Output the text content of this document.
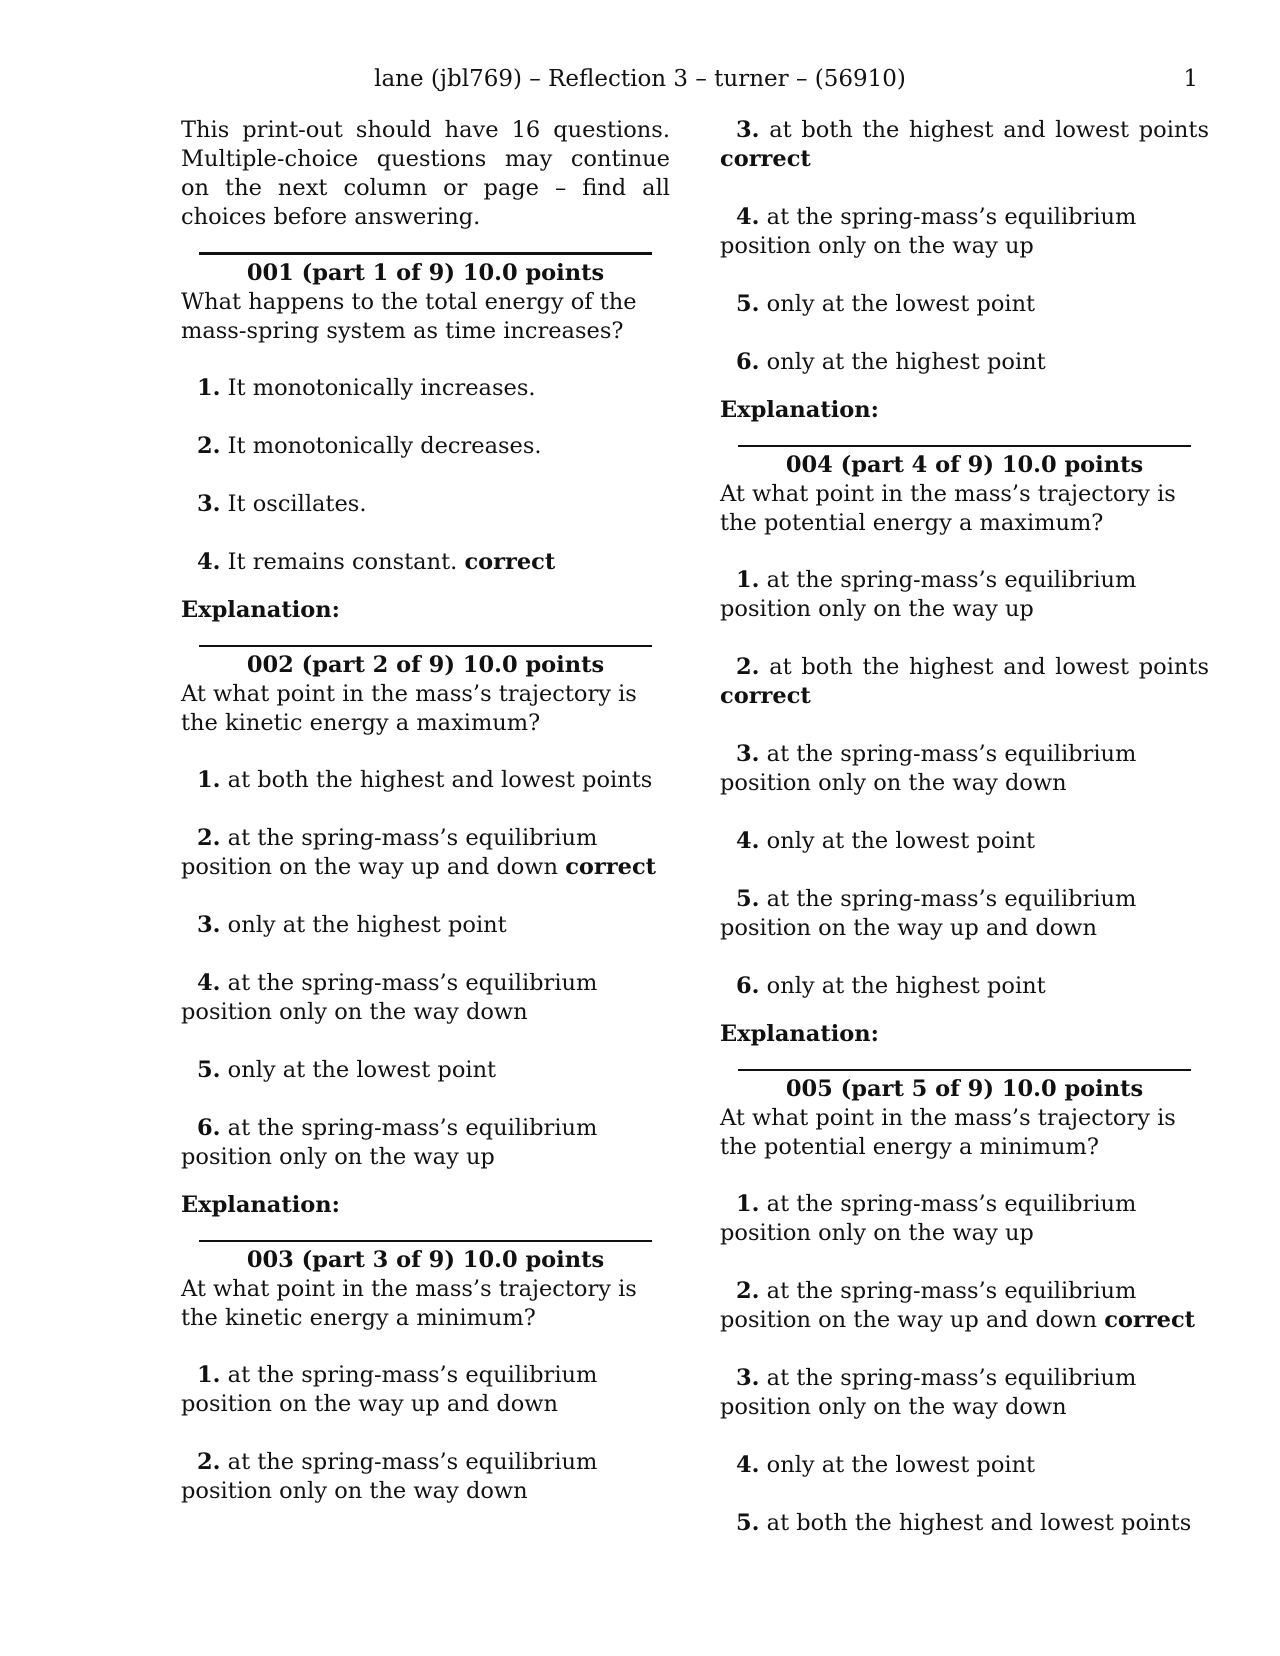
lane (jbl769) – Reflection 3 – turner – (56910)	1

This print-out should have 16 questions. Multiple-choice questions may continue on the next column or page – find all choices before answering.

001 (part 1 of 9) 10.0 points
What happens to the total energy of the mass-spring system as time increases?
1. It monotonically increases.
2. It monotonically decreases.
3. It oscillates.
4. It remains constant. correct
Explanation:
002 (part 2 of 9) 10.0 points
At what point in the mass’s trajectory is the kinetic energy a maximum?
1. at both the highest and lowest points
2. at the spring-mass’s equilibrium position on the way up and down correct
3. only at the highest point
4. at the spring-mass’s equilibrium position only on the way down
5. only at the lowest point
6. at the spring-mass’s equilibrium position only on the way up
Explanation:
003 (part 3 of 9) 10.0 points
At what point in the mass’s trajectory is the kinetic energy a minimum?
1. at the spring-mass’s equilibrium position on the way up and down
2. at the spring-mass’s equilibrium position only on the way down
3. at both the highest and lowest points
correct
4. at the spring-mass’s equilibrium position only on the way up
5. only at the lowest point
6. only at the highest point
Explanation:
004 (part 4 of 9) 10.0 points
At what point in the mass’s trajectory is the potential energy a maximum?
1. at the spring-mass’s equilibrium position only on the way up
2. at both the highest and lowest points
correct
3. at the spring-mass’s equilibrium position only on the way down
4. only at the lowest point
5. at the spring-mass’s equilibrium position on the way up and down
6. only at the highest point
Explanation:
005 (part 5 of 9) 10.0 points
At what point in the mass’s trajectory is the potential energy a minimum?
1. at the spring-mass’s equilibrium position only on the way up
2. at the spring-mass’s equilibrium position on the way up and down correct
3. at the spring-mass’s equilibrium position only on the way down
4. only at the lowest point
5. at both the highest and lowest points
